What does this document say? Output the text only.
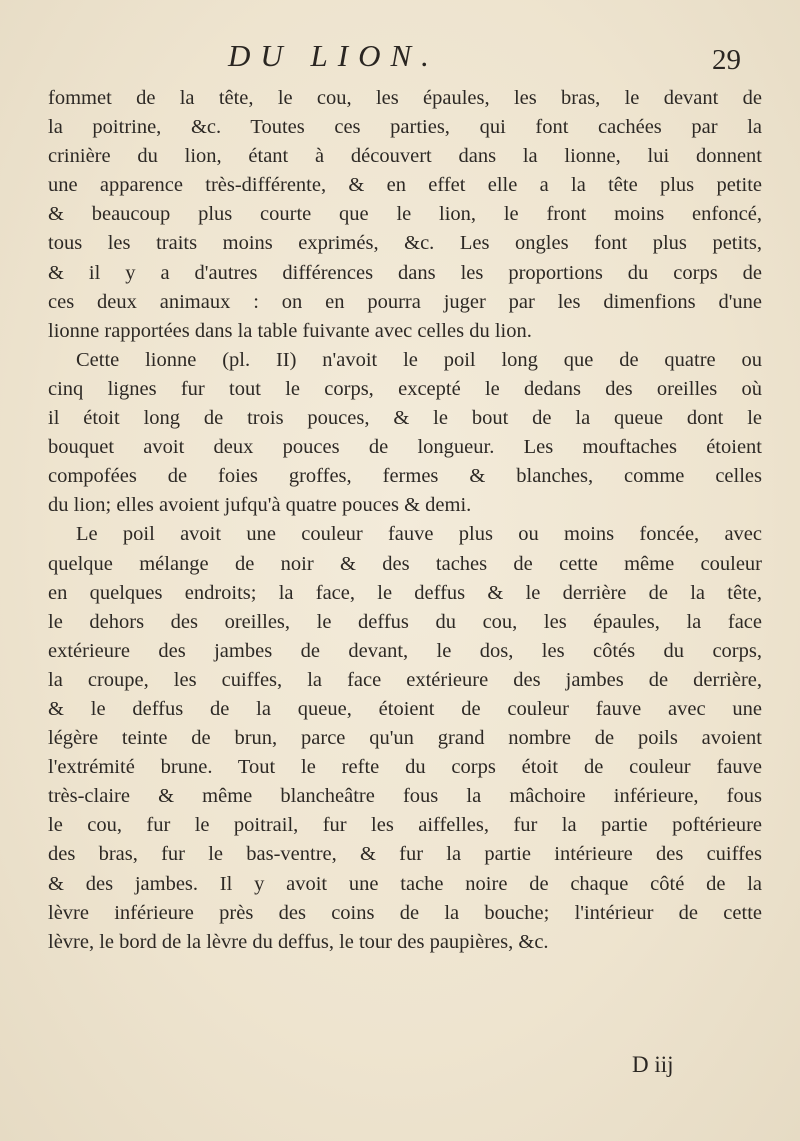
DU LION.	29
fommet de la tête, le cou, les épaules, les bras, le devant de
la poitrine, &c. Toutes ces parties, qui font cachées par la
crinière du lion, étant à découvert dans la lionne, lui donnent
une apparence très-différente, & en effet elle a la tête plus petite
& beaucoup plus courte que le lion, le front moins enfoncé,
tous les traits moins exprimés, &c. Les ongles font plus petits,
& il y a d'autres différences dans les proportions du corps de
ces deux animaux : on en pourra juger par les dimenfions d'une
lionne rapportées dans la table fuivante avec celles du lion.
Cette lionne (pl. II) n'avoit le poil long que de quatre ou
cinq lignes fur tout le corps, excepté le dedans des oreilles où
il étoit long de trois pouces, & le bout de la queue dont le
bouquet avoit deux pouces de longueur. Les mouftaches étoient
compofées de foies groffes, fermes & blanches, comme celles
du lion; elles avoient jufqu'à quatre pouces & demi.
Le poil avoit une couleur fauve plus ou moins foncée, avec
quelque mélange de noir & des taches de cette même couleur
en quelques endroits; la face, le deffus & le derrière de la tête,
le dehors des oreilles, le deffus du cou, les épaules, la face
extérieure des jambes de devant, le dos, les côtés du corps,
la croupe, les cuiffes, la face extérieure des jambes de derrière,
& le deffus de la queue, étoient de couleur fauve avec une
légère teinte de brun, parce qu'un grand nombre de poils avoient
l'extrémité brune. Tout le refte du corps étoit de couleur fauve
très-claire & même blancheâtre fous la mâchoire inférieure, fous
le cou, fur le poitrail, fur les aiffelles, fur la partie poftérieure
des bras, fur le bas-ventre, & fur la partie intérieure des cuiffes
& des jambes. Il y avoit une tache noire de chaque côté de la
lèvre inférieure près des coins de la bouche; l'intérieur de cette
lèvre, le bord de la lèvre du deffus, le tour des paupières, &c.
D iij
